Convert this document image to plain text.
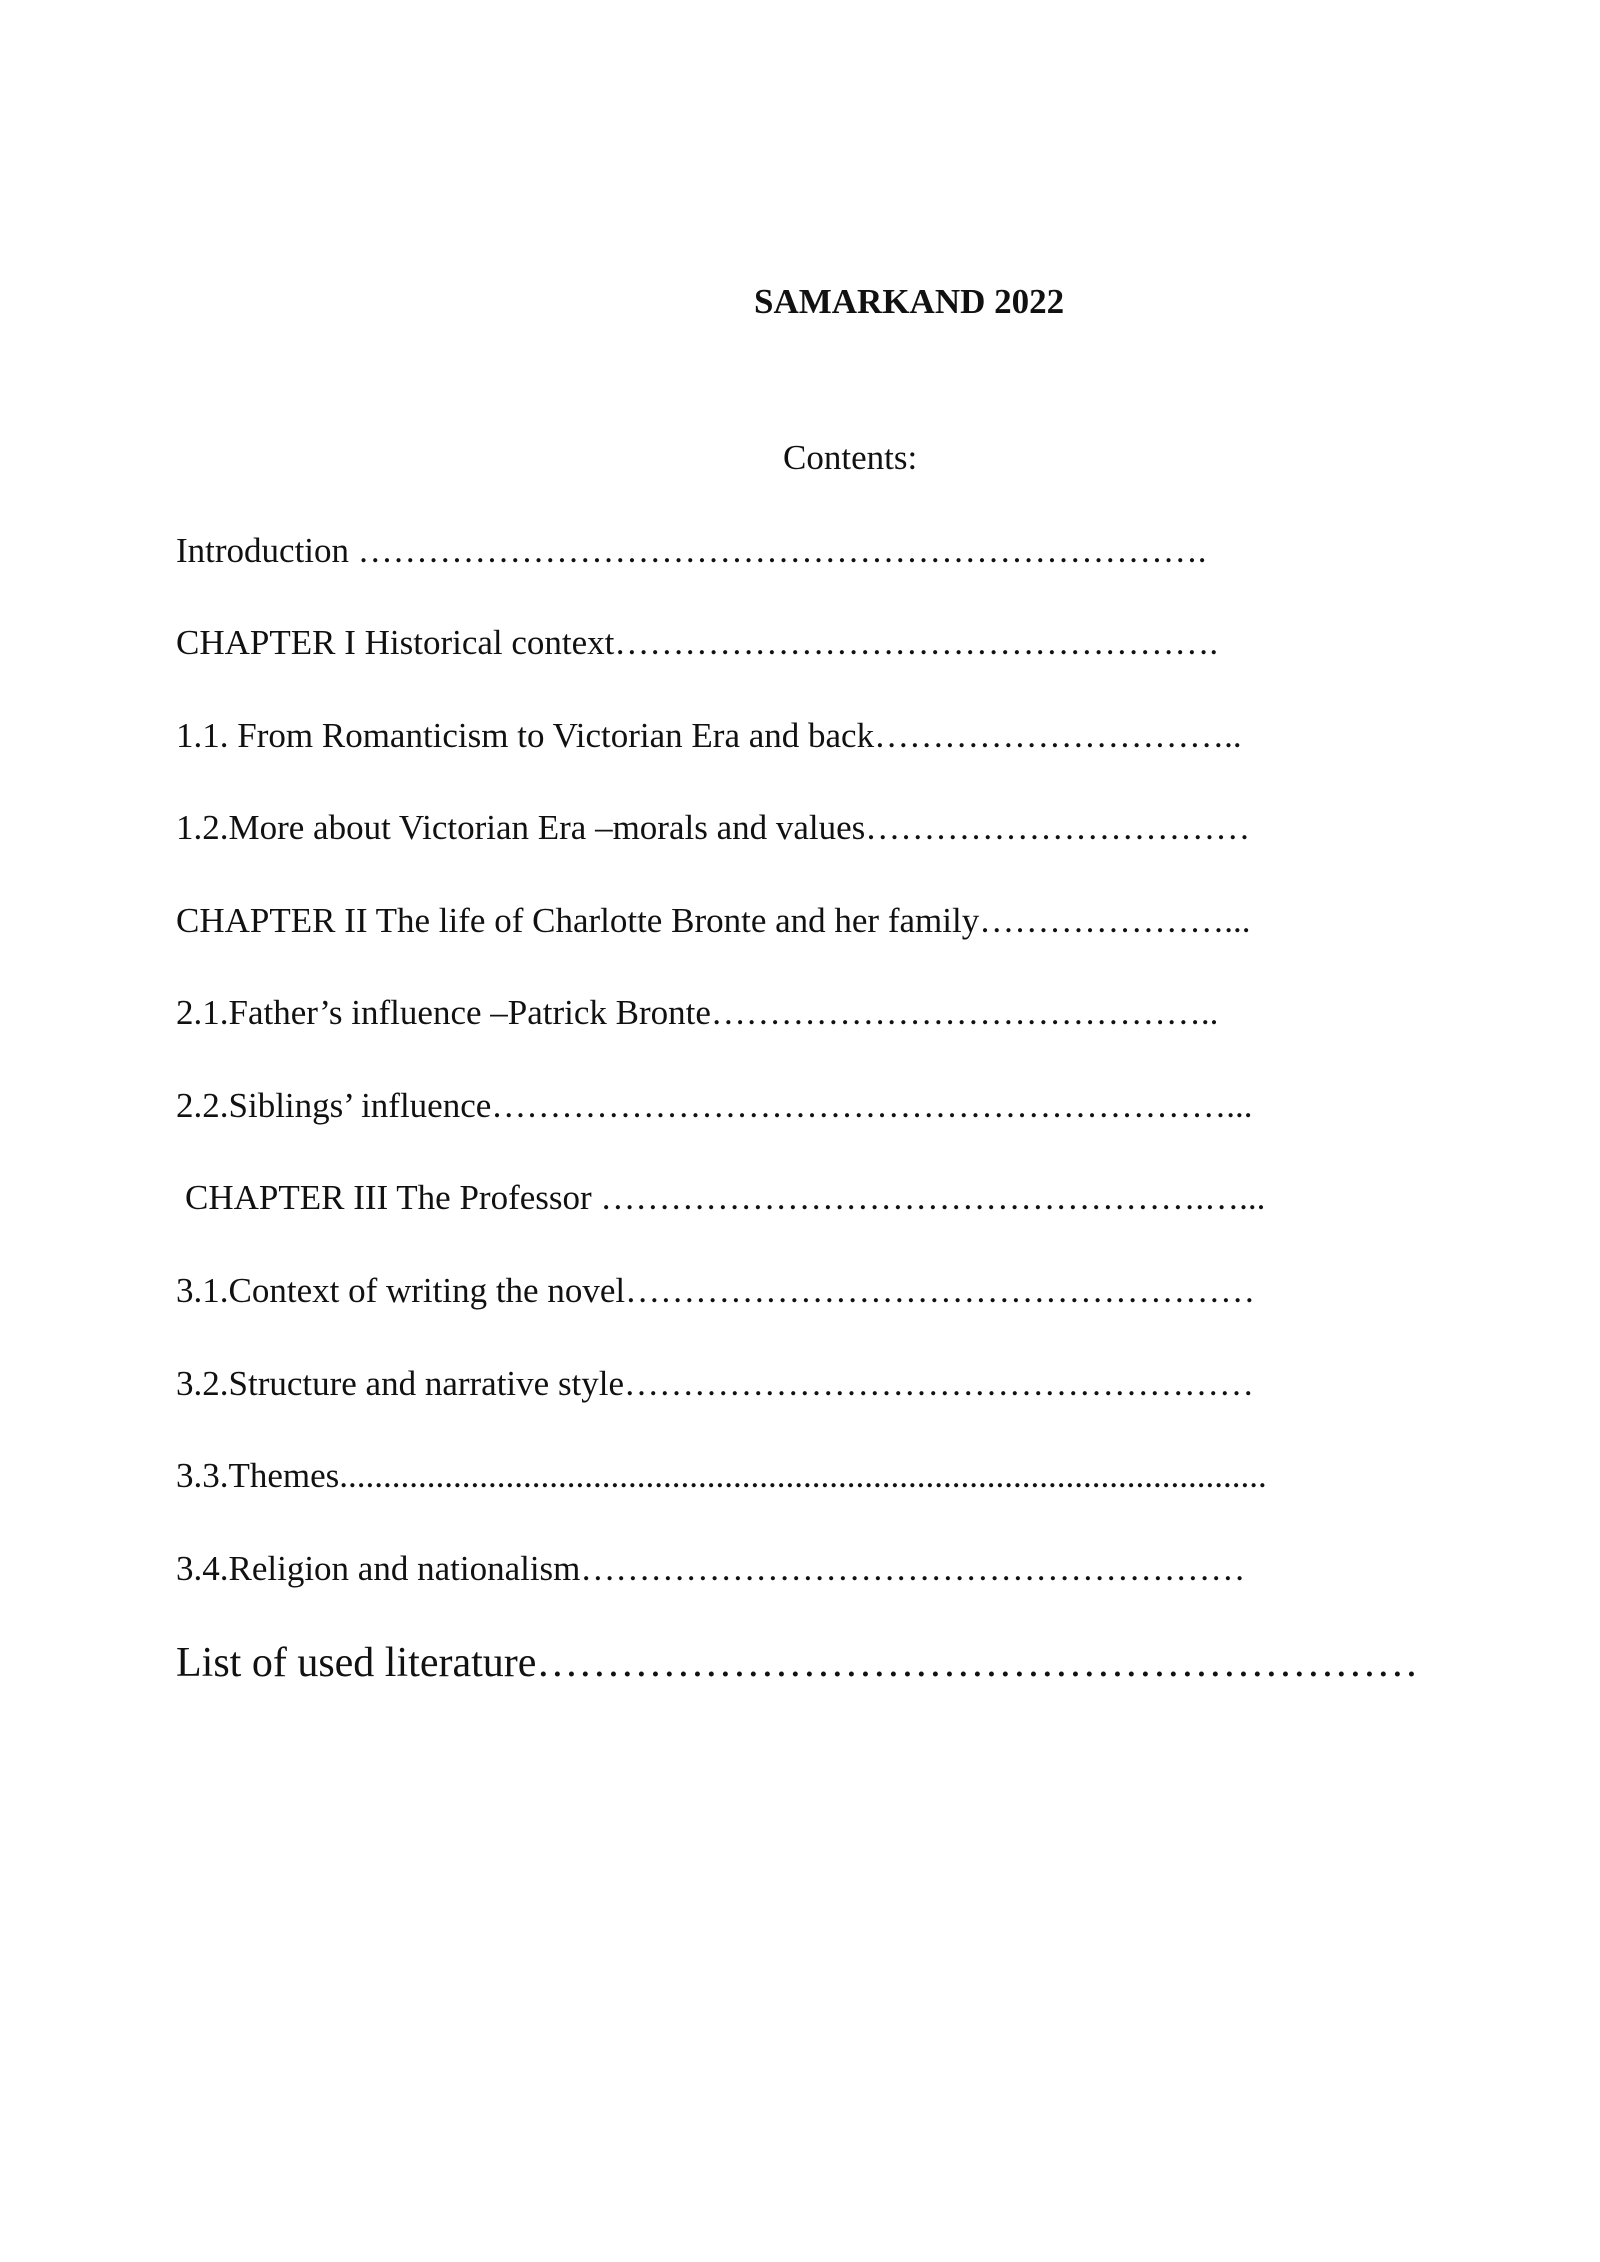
SAMARKAND 2022
Contents:
Introduction ……………………………………………………………….
CHAPTER I Historical context…………………………………………….
1.1. From Romanticism to Victorian Era and back…………………………..
1.2.More about Victorian Era –morals and values……………………………
CHAPTER II The life of Charlotte Bronte and her family…………………...
2.1.Father’s influence –Patrick Bronte……………………………………..
2.2.Siblings’ influence………………………………………………………...
CHAPTER III The Professor …………………………………………….…...
3.1.Context of writing the novel………………………………………………
3.2.Structure and narrative style………………………………………………
3.3.Themes..........................................................................................................
3.4.Religion and nationalism…………………………………………………
List of used literature………………………………………………………
